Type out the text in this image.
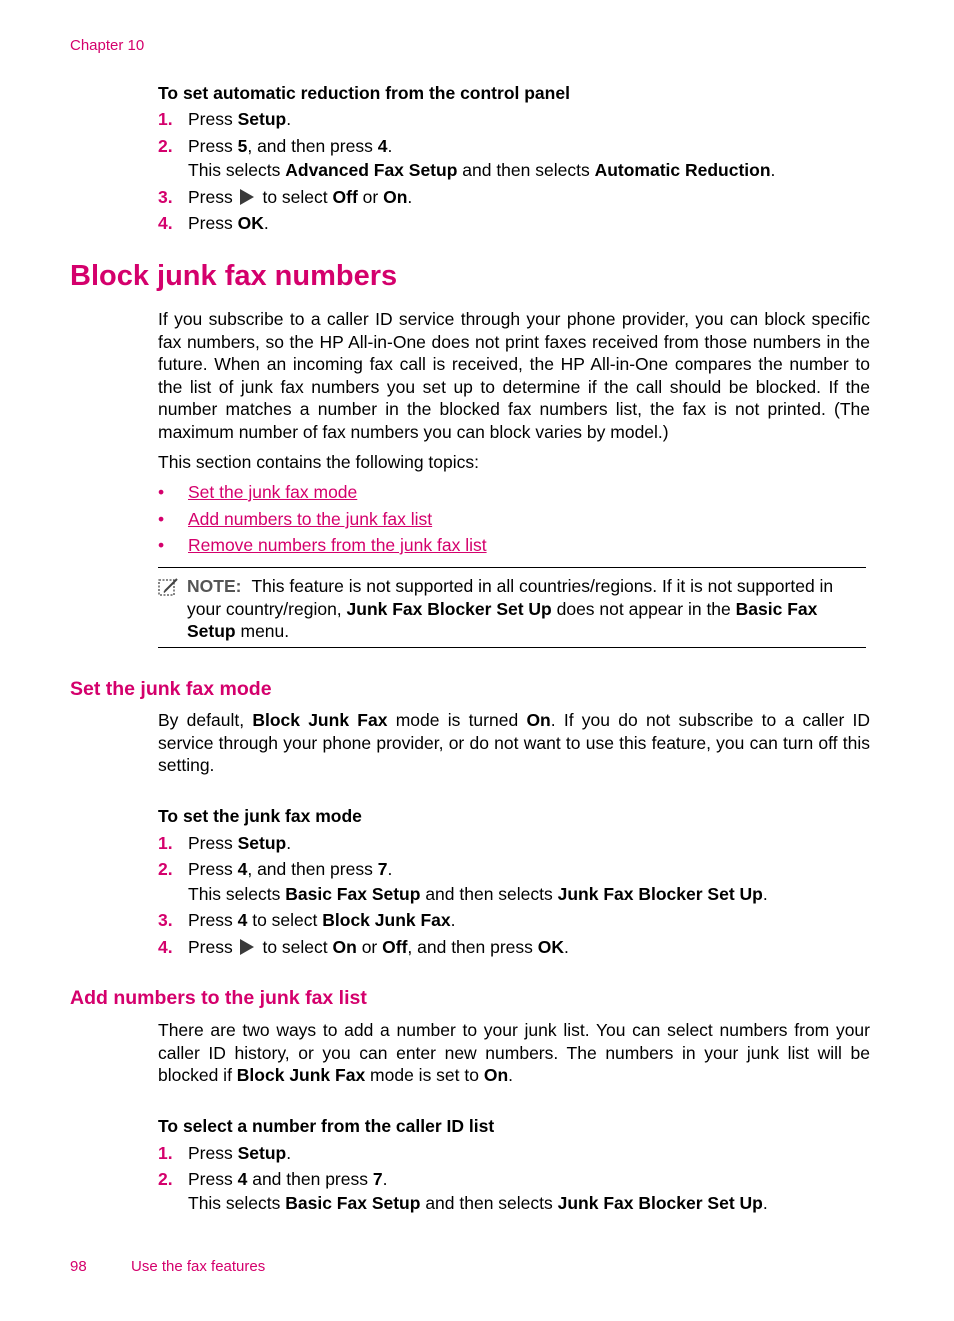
Chapter 10
To set automatic reduction from the control panel
1. Press Setup.
2. Press 5, and then press 4.
This selects Advanced Fax Setup and then selects Automatic Reduction.
3. Press  to select Off or On.
4. Press OK.
Block junk fax numbers
If you subscribe to a caller ID service through your phone provider, you can block specific fax numbers, so the HP All-in-One does not print faxes received from those numbers in the future. When an incoming fax call is received, the HP All-in-One compares the number to the list of junk fax numbers you set up to determine if the call should be blocked. If the number matches a number in the blocked fax numbers list, the fax is not printed. (The maximum number of fax numbers you can block varies by model.)
This section contains the following topics:
• Set the junk fax mode
• Add numbers to the junk fax list
• Remove numbers from the junk fax list
NOTE: This feature is not supported in all countries/regions. If it is not supported in your country/region, Junk Fax Blocker Set Up does not appear in the Basic Fax Setup menu.
Set the junk fax mode
By default, Block Junk Fax mode is turned On. If you do not subscribe to a caller ID service through your phone provider, or do not want to use this feature, you can turn off this setting.
To set the junk fax mode
1. Press Setup.
2. Press 4, and then press 7.
This selects Basic Fax Setup and then selects Junk Fax Blocker Set Up.
3. Press 4 to select Block Junk Fax.
4. Press  to select On or Off, and then press OK.
Add numbers to the junk fax list
There are two ways to add a number to your junk list. You can select numbers from your caller ID history, or you can enter new numbers. The numbers in your junk list will be blocked if Block Junk Fax mode is set to On.
To select a number from the caller ID list
1. Press Setup.
2. Press 4 and then press 7.
This selects Basic Fax Setup and then selects Junk Fax Blocker Set Up.
98	Use the fax features
